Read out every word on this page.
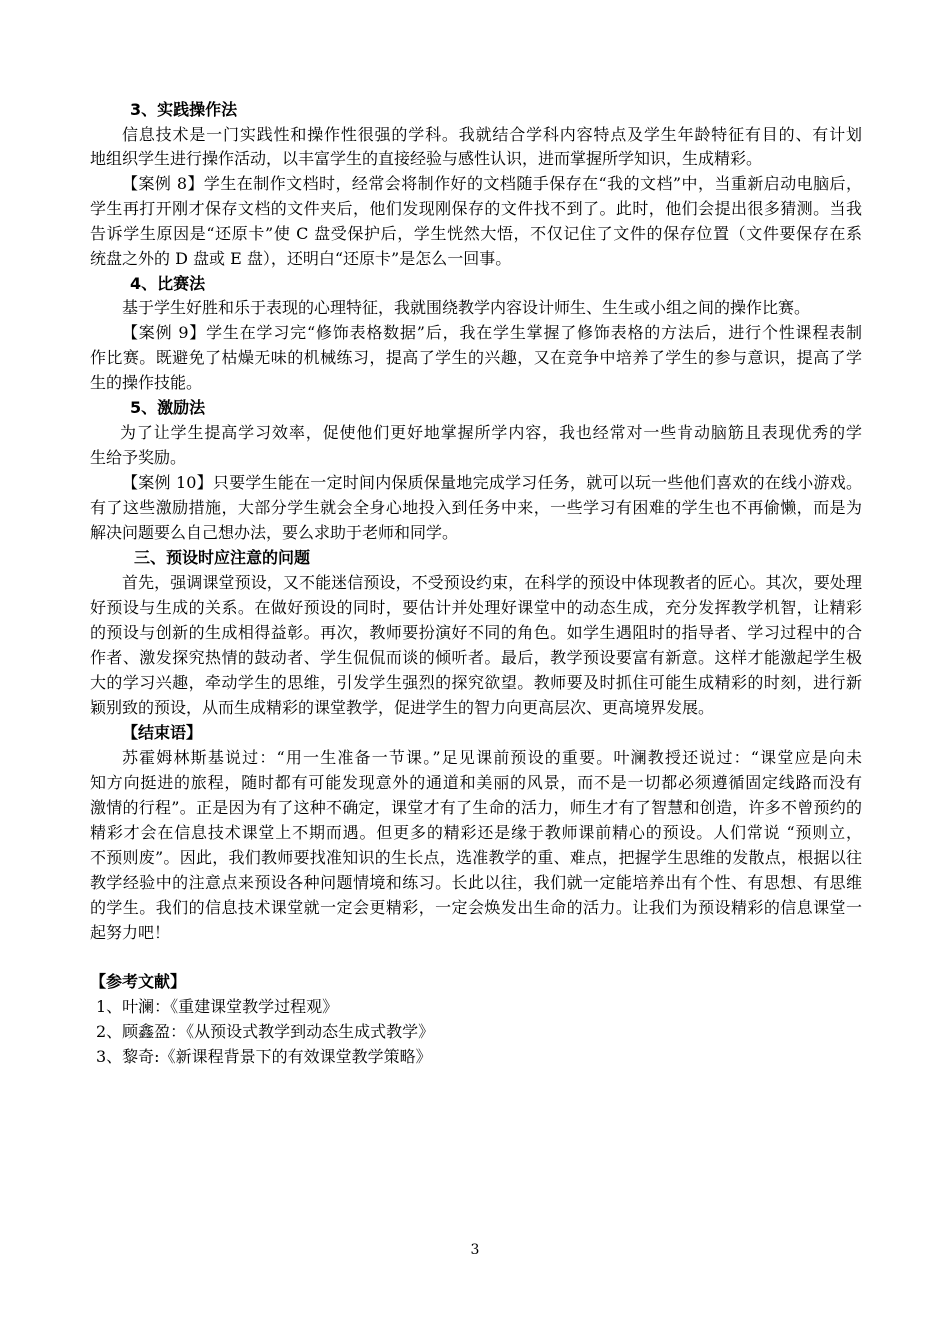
3、实践操作法
信息技术是一门实践性和操作性很强的学科。我就结合学科内容特点及学生年龄特征有目的、有计划
地组织学生进行操作活动，以丰富学生的直接经验与感性认识，进而掌握所学知识，生成精彩。
【案例 8】学生在制作文档时，经常会将制作好的文档随手保存在“我的文档”中，当重新启动电脑后，
学生再打开刚才保存文档的文件夹后，他们发现刚保存的文件找不到了。此时，他们会提出很多猜测。当我
告诉学生原因是“还原卡”使 C 盘受保护后，学生恍然大悟，不仅记住了文件的保存位置（文件要保存在系
统盘之外的 D 盘或 E 盘），还明白“还原卡”是怎么一回事。
4、比赛法
基于学生好胜和乐于表现的心理特征，我就围绕教学内容设计师生、生生或小组之间的操作比赛。
【案例 9】学生在学习完“修饰表格数据”后，我在学生掌握了修饰表格的方法后，进行个性课程表制
作比赛。既避免了枯燥无味的机械练习，提高了学生的兴趣，又在竞争中培养了学生的参与意识，提高了学
生的操作技能。
5、激励法
为了让学生提高学习效率，促使他们更好地掌握所学内容，我也经常对一些肯动脑筋且表现优秀的学
生给予奖励。
【案例 10】只要学生能在一定时间内保质保量地完成学习任务，就可以玩一些他们喜欢的在线小游戏。
有了这些激励措施，大部分学生就会全身心地投入到任务中来，一些学习有困难的学生也不再偷懒，而是为
解决问题要么自己想办法，要么求助于老师和同学。
三、预设时应注意的问题
首先，强调课堂预设，又不能迷信预设，不受预设约束，在科学的预设中体现教者的匠心。其次，要处理
好预设与生成的关系。在做好预设的同时，要估计并处理好课堂中的动态生成，充分发挥教学机智，让精彩
的预设与创新的生成相得益彰。再次，教师要扮演好不同的角色。如学生遇阻时的指导者、学习过程中的合
作者、激发探究热情的鼓动者、学生侃侃而谈的倾听者。最后，教学预设要富有新意。这样才能激起学生极
大的学习兴趣，牵动学生的思维，引发学生强烈的探究欲望。教师要及时抓住可能生成精彩的时刻，进行新
颖别致的预设，从而生成精彩的课堂教学，促进学生的智力向更高层次、更高境界发展。
【结束语】
苏霍姆林斯基说过：“用一生准备一节课。”足见课前预设的重要。叶澜教授还说过：“课堂应是向未
知方向挺进的旅程，随时都有可能发现意外的通道和美丽的风景，而不是一切都必须遵循固定线路而没有
激情的行程”。正是因为有了这种不确定，课堂才有了生命的活力，师生才有了智慧和创造，许多不曾预约的
精彩才会在信息技术课堂上不期而遇。但更多的精彩还是缘于教师课前精心的预设。人们常说 “预则立，
不预则废”。因此，我们教师要找准知识的生长点，选准教学的重、难点，把握学生思维的发散点，根据以往
教学经验中的注意点来预设各种问题情境和练习。长此以往，我们就一定能培养出有个性、有思想、有思维
的学生。我们的信息技术课堂就一定会更精彩，一定会焕发出生命的活力。让我们为预设精彩的信息课堂一
起努力吧！
【参考文献】
1、叶澜：《重建课堂教学过程观》
2、顾鑫盈：《从预设式教学到动态生成式教学》
3、黎奇:《新课程背景下的有效课堂教学策略》
3
